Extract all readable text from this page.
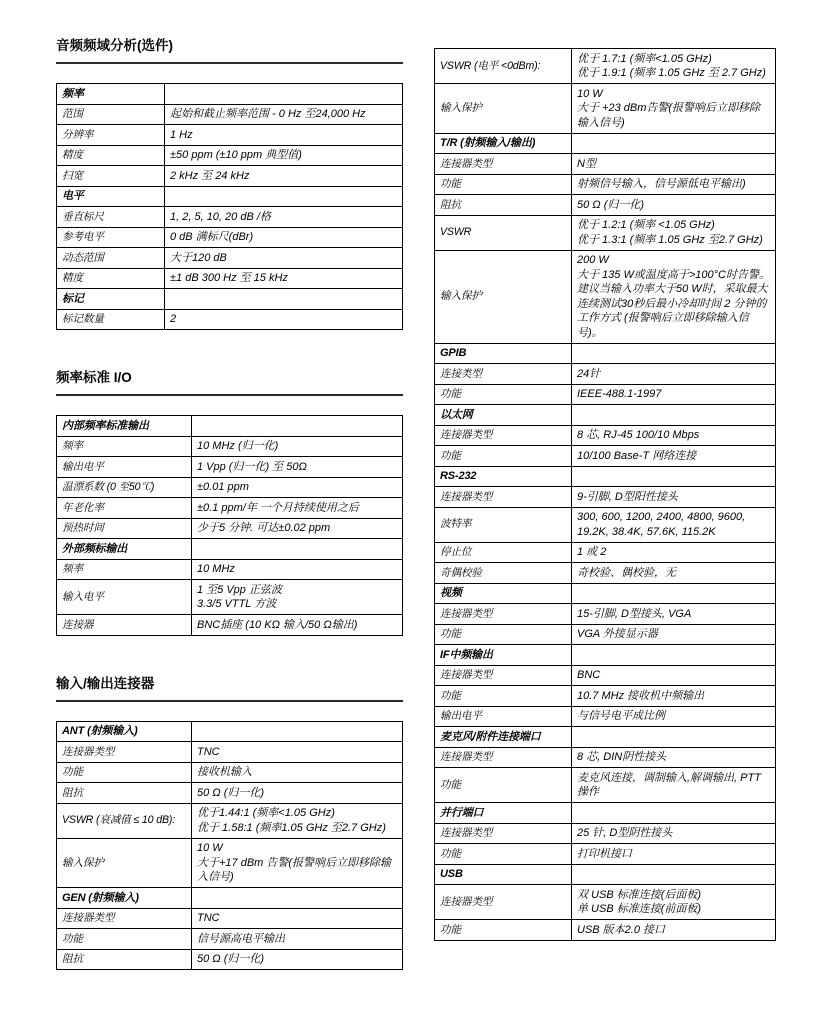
音频频域分析(选件)
频率	
范围	起始和截止频率范围 - 0 Hz 至24,000 Hz

分辨率	1 Hz

精度	±50 ppm (±10 ppm 典型值)

扫宽	2 kHz 至 24 kHz

电平	
垂直标尺	1, 2, 5, 10, 20 dB /格

参考电平	0 dB 满标尺(dBr)

动态范围	大于120 dB

精度	±1 dB 300 Hz 至 15 kHz

标记	
标记数量	2
频率标准 I/O
内部频率标准输出	
频率	10 MHz (归一化)

输出电平	1 Vpp (归一化) 至 50Ω

温漂系数 (0 至50℃)	±0.01 ppm

年老化率	±0.1 ppm/年 一个月持续使用之后

预热时间	少于5 分钟. 可达±0.02 ppm

外部频标输出	
频率	10 MHz

输入电平	1 至5 Vpp 正弦波
3.3/5 VTTL 方波

连接器	BNC插座 (10 KΩ 输入/50 Ω输出)
输入/输出连接器
ANT (射频输入)	
连接器类型	TNC

功能	接收机输入

阻抗	50 Ω (归一化)

VSWR (衰减值 ≤ 10 dB):	优于1.44:1 (频率<1.05 GHz)
优于 1.58:1 (频率1.05 GHz 至2.7 GHz)

输入保护	10 W
大于+17 dBm 告警(报警响后立即移除输入信号)

GEN (射频输入)	
连接器类型	TNC

功能	信号源高电平输出

阻抗	50 Ω (归一化)
VSWR (电平 <0dBm):	优于 1.7:1 (频率<1.05 GHz)
优于 1.9:1 (频率 1.05 GHz 至 2.7 GHz)

输入保护	10 W
大于 +23 dBm告警(报警响后立即移除输入信号)

T/R (射频输入/输出)	
连接器类型	N型

功能	射频信号输入，信号源低电平输出)

阻抗	50 Ω (归一化)

VSWR	优于 1.2:1 (频率 <1.05 GHz)
优于 1.3:1 (频率 1.05 GHz 至2.7 GHz)

输入保护	200 W
大于 135 W或温度高于>100°C时告警。建议当输入功率大于50 W时，采取最大连续测试30秒后最小冷却时间 2 分钟的工作方式 (报警响后立即移除输入信号)。

GPIB	
连接类型	24针

功能	IEEE-488.1-1997

以太网	
连接器类型	8 芯, RJ-45 100/10 Mbps

功能	10/100 Base-T 网络连接

RS-232	
连接器类型	9-引脚, D型阳性接头

波特率	300, 600, 1200, 2400, 4800, 9600, 19.2K, 38.4K, 57.6K, 115.2K

停止位	1 或 2

奇偶校验	奇校验、偶校验，无

视频	
连接器类型	15-引脚, D型接头, VGA

功能	VGA 外接显示器

IF中频输出	
连接器类型	BNC

功能	10.7 MHz 接收机中频输出

输出电平	与信号电平成比例

麦克风/附件连接端口	
连接器类型	8 芯, DIN阴性接头

功能	麦克风连接，调制输入,解调输出, PTT 操作

并行端口	
连接器类型	25 针, D型阴性接头

功能	打印机接口

USB	
连接器类型	双 USB 标准连接(后面板)
单 USB 标准连接(前面板)

功能	USB 版本2.0 接口
